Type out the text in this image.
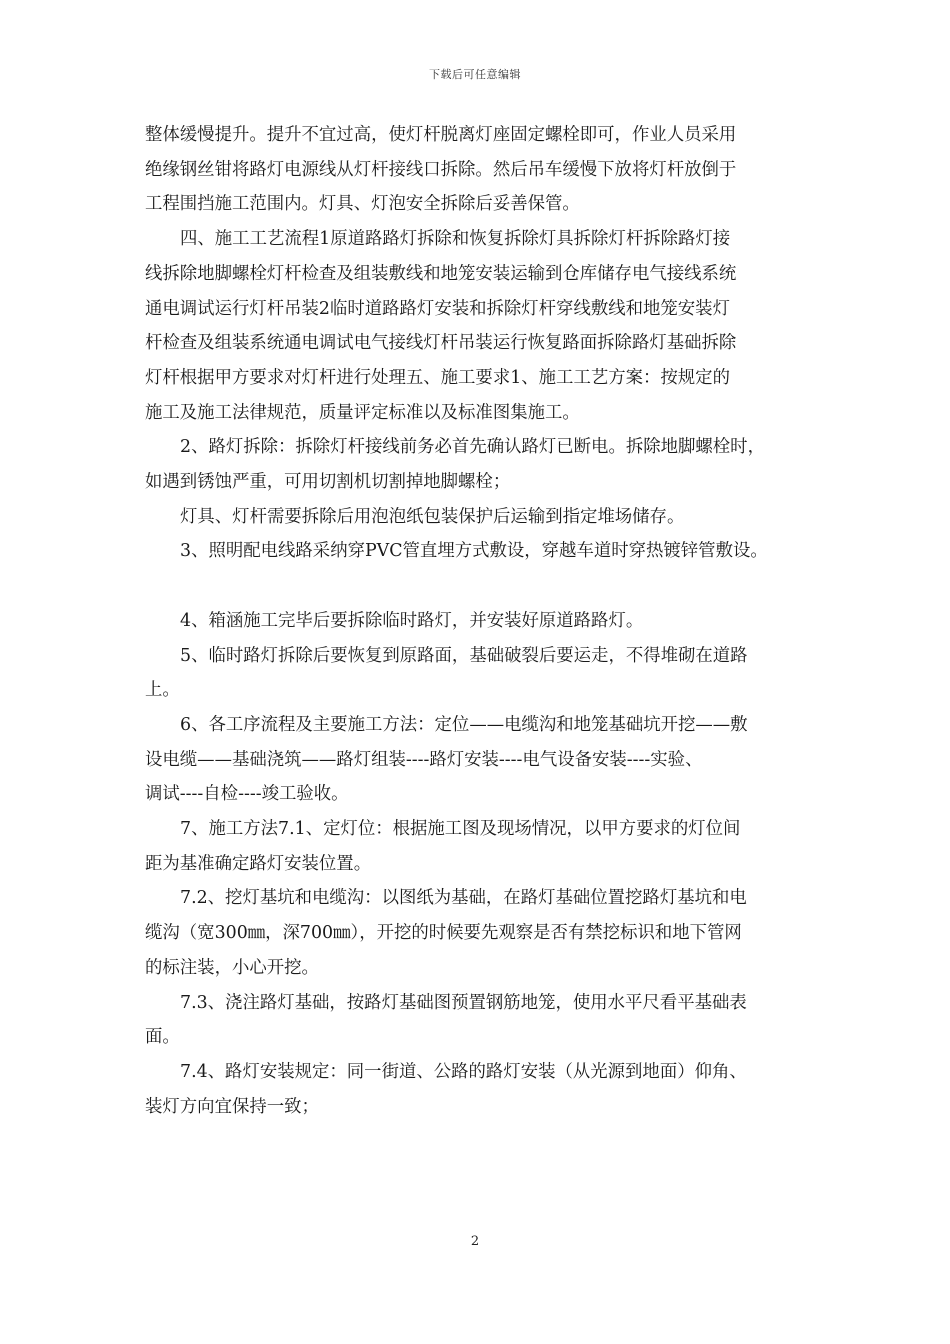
下载后可任意编辑
整体缓慢提升。提升不宜过高，使灯杆脱离灯座固定螺栓即可，作业人员采用
绝缘钢丝钳将路灯电源线从灯杆接线口拆除。然后吊车缓慢下放将灯杆放倒于
工程围挡施工范围内。灯具、灯泡安全拆除后妥善保管。
四、施工工艺流程1原道路路灯拆除和恢复拆除灯具拆除灯杆拆除路灯接
线拆除地脚螺栓灯杆检查及组装敷线和地笼安装运输到仓库储存电气接线系统
通电调试运行灯杆吊装2临时道路路灯安装和拆除灯杆穿线敷线和地笼安装灯
杆检查及组装系统通电调试电气接线灯杆吊装运行恢复路面拆除路灯基础拆除
灯杆根据甲方要求对灯杆进行处理五、施工要求1、施工工艺方案：按规定的
施工及施工法律规范，质量评定标准以及标准图集施工。
2、路灯拆除：拆除灯杆接线前务必首先确认路灯已断电。拆除地脚螺栓时，
如遇到锈蚀严重，可用切割机切割掉地脚螺栓；
灯具、灯杆需要拆除后用泡泡纸包装保护后运输到指定堆场储存。
3、照明配电线路采纳穿PVC管直埋方式敷设，穿越车道时穿热镀锌管敷设。
4、箱涵施工完毕后要拆除临时路灯，并安装好原道路路灯。
5、临时路灯拆除后要恢复到原路面，基础破裂后要运走，不得堆砌在道路
上。
6、各工序流程及主要施工方法：定位——电缆沟和地笼基础坑开挖——敷
设电缆——基础浇筑——路灯组装----路灯安装----电气设备安装----实验、
调试----自检----竣工验收。
7、施工方法7.1、定灯位：根据施工图及现场情况，以甲方要求的灯位间
距为基准确定路灯安装位置。
7.2、挖灯基坑和电缆沟：以图纸为基础，在路灯基础位置挖路灯基坑和电
缆沟（宽300㎜，深700㎜），开挖的时候要先观察是否有禁挖标识和地下管网
的标注装，小心开挖。
7.3、浇注路灯基础，按路灯基础图预置钢筋地笼，使用水平尺看平基础表
面。
7.4、路灯安装规定：同一街道、公路的路灯安装（从光源到地面）仰角、
装灯方向宜保持一致；
2
